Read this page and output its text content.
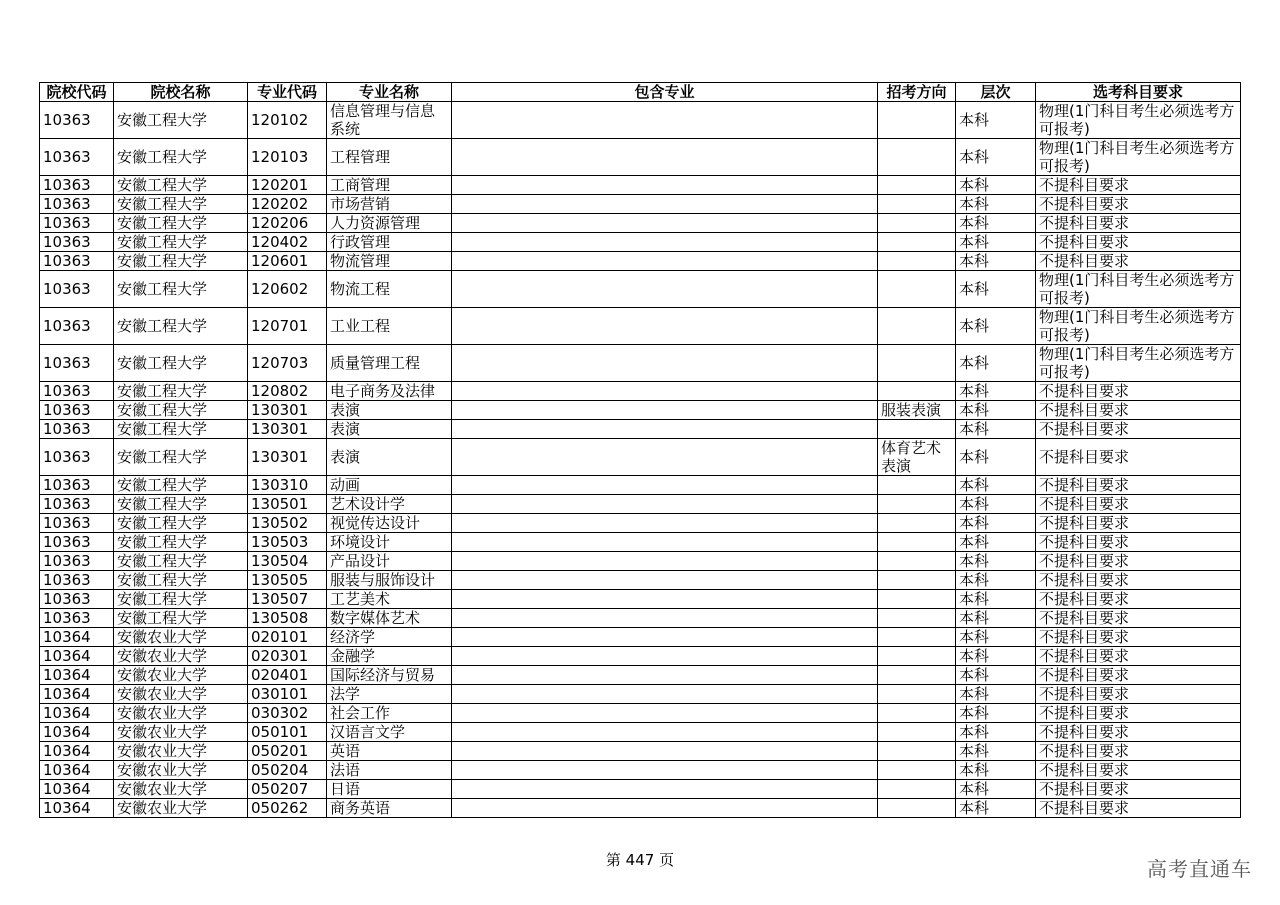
院校代码	院校名称	专业代码	专业名称	包含专业	招考方向	层次	选考科目要求
10363	安徽工程大学	120102	信息管理与信息系统			本科	物理(1门科目考生必须选考方可报考)
10363	安徽工程大学	120103	工程管理			本科	物理(1门科目考生必须选考方可报考)
10363	安徽工程大学	120201	工商管理			本科	不提科目要求
10363	安徽工程大学	120202	市场营销			本科	不提科目要求
10363	安徽工程大学	120206	人力资源管理			本科	不提科目要求
10363	安徽工程大学	120402	行政管理			本科	不提科目要求
10363	安徽工程大学	120601	物流管理			本科	不提科目要求
10363	安徽工程大学	120602	物流工程			本科	物理(1门科目考生必须选考方可报考)
10363	安徽工程大学	120701	工业工程			本科	物理(1门科目考生必须选考方可报考)
10363	安徽工程大学	120703	质量管理工程			本科	物理(1门科目考生必须选考方可报考)
10363	安徽工程大学	120802	电子商务及法律			本科	不提科目要求
10363	安徽工程大学	130301	表演		服装表演	本科	不提科目要求
10363	安徽工程大学	130301	表演			本科	不提科目要求
10363	安徽工程大学	130301	表演		体育艺术表演	本科	不提科目要求
10363	安徽工程大学	130310	动画			本科	不提科目要求
10363	安徽工程大学	130501	艺术设计学			本科	不提科目要求
10363	安徽工程大学	130502	视觉传达设计			本科	不提科目要求
10363	安徽工程大学	130503	环境设计			本科	不提科目要求
10363	安徽工程大学	130504	产品设计			本科	不提科目要求
10363	安徽工程大学	130505	服装与服饰设计			本科	不提科目要求
10363	安徽工程大学	130507	工艺美术			本科	不提科目要求
10363	安徽工程大学	130508	数字媒体艺术			本科	不提科目要求
10364	安徽农业大学	020101	经济学			本科	不提科目要求
10364	安徽农业大学	020301	金融学			本科	不提科目要求
10364	安徽农业大学	020401	国际经济与贸易			本科	不提科目要求
10364	安徽农业大学	030101	法学			本科	不提科目要求
10364	安徽农业大学	030302	社会工作			本科	不提科目要求
10364	安徽农业大学	050101	汉语言文学			本科	不提科目要求
10364	安徽农业大学	050201	英语			本科	不提科目要求
10364	安徽农业大学	050204	法语			本科	不提科目要求
10364	安徽农业大学	050207	日语			本科	不提科目要求
10364	安徽农业大学	050262	商务英语			本科	不提科目要求
第 447 页	高考直通车
